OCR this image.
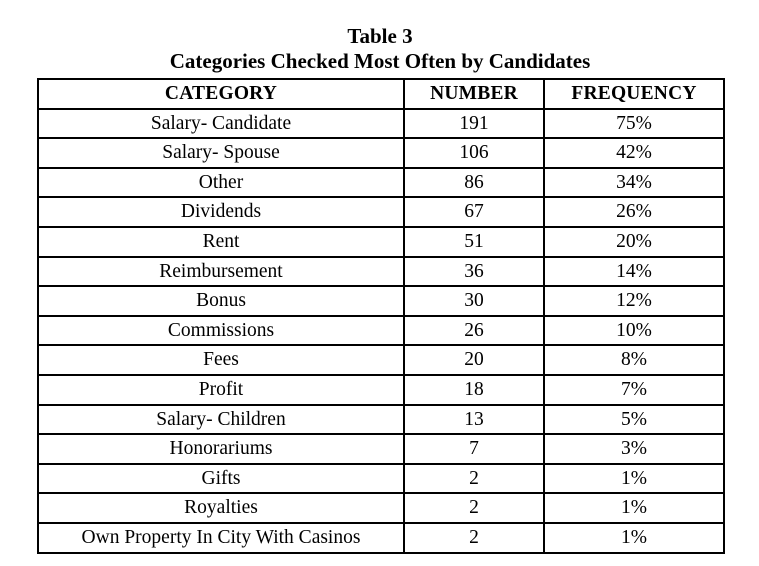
Table 3

Categories Checked Most Often by Candidates

CATEGORY	NUMBER	FREQUENCY
Salary- Candidate	191	75%
Salary- Spouse	106	42%
Other	86	34%
Dividends	67	26%
Rent	51	20%
Reimbursement	36	14%
Bonus	30	12%
Commissions	26	10%
Fees	20	8%
Profit	18	7%
Salary- Children	13	5%
Honorariums	7	3%
Gifts	2	1%
Royalties	2	1%
Own Property In City With Casinos	2	1%
